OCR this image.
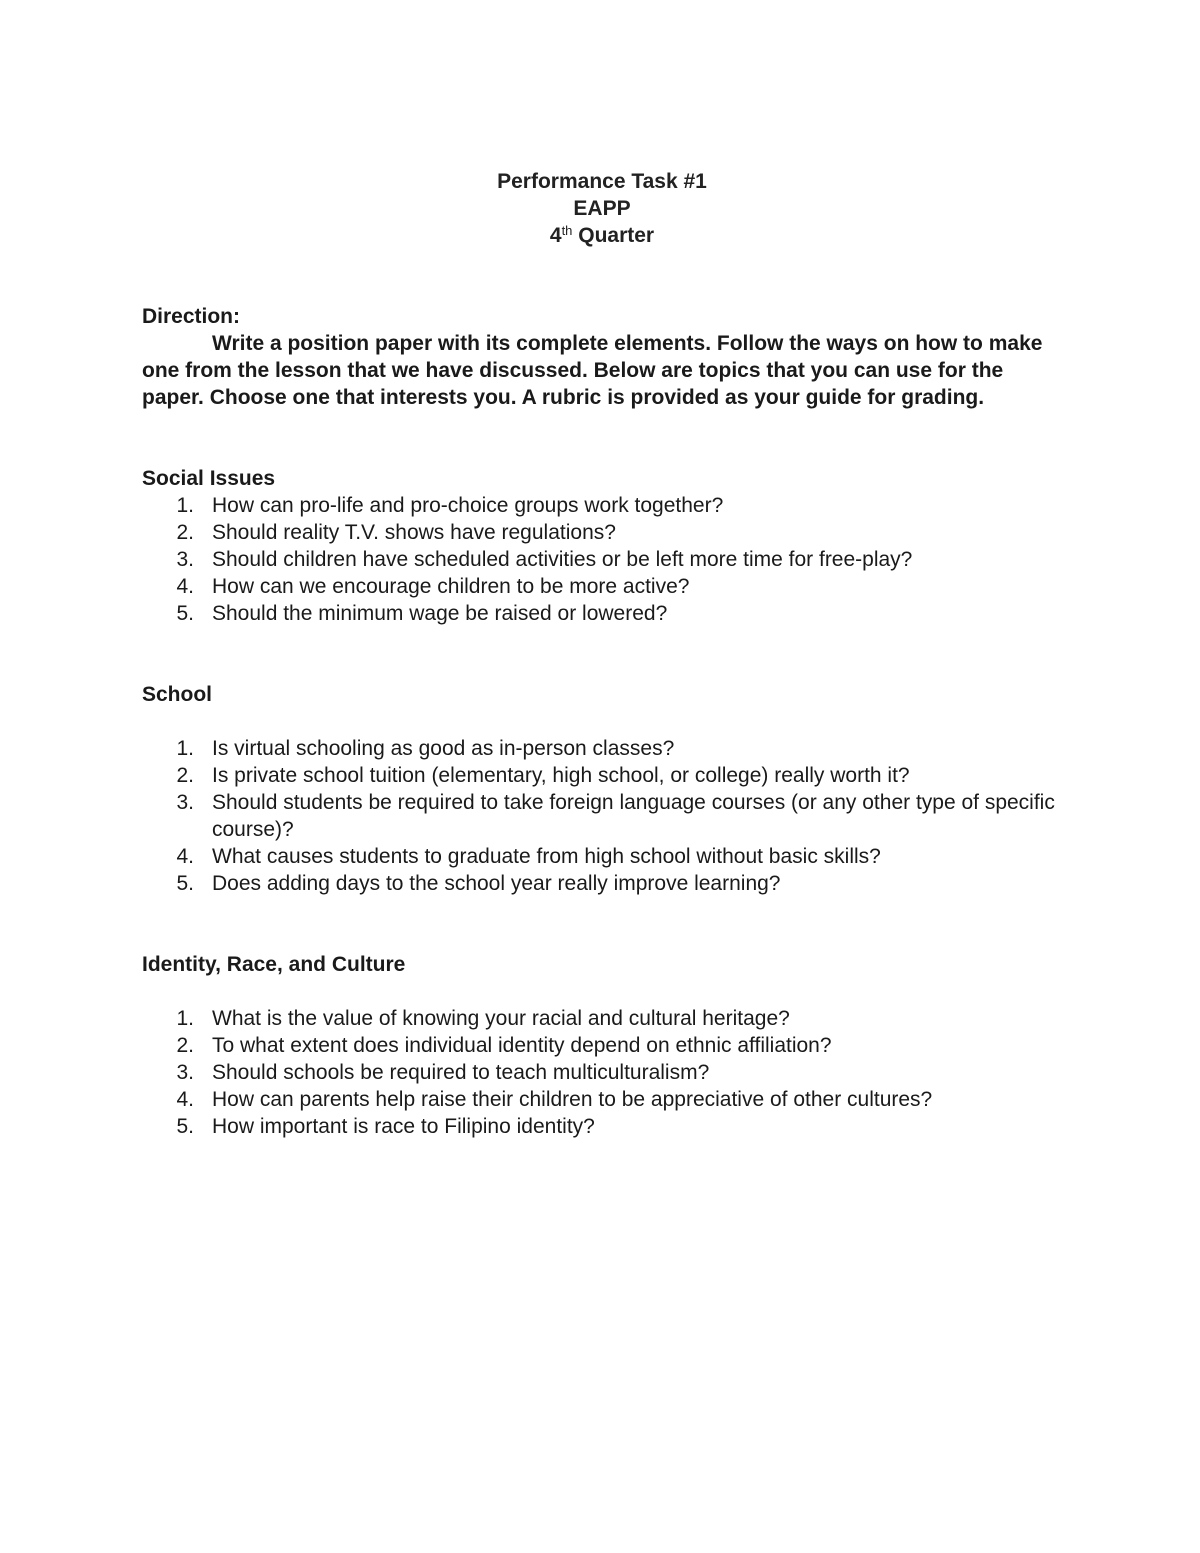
Performance Task #1
EAPP
4th Quarter
Direction:

Write a position paper with its complete elements. Follow the ways on how to make one from the lesson that we have discussed. Below are topics that you can use for the paper. Choose one that interests you. A rubric is provided as your guide for grading.

Social Issues
1. How can pro-life and pro-choice groups work together?
2. Should reality T.V. shows have regulations?
3. Should children have scheduled activities or be left more time for free-play?
4. How can we encourage children to be more active?
5. Should the minimum wage be raised or lowered?
School
1. Is virtual schooling as good as in-person classes?
2. Is private school tuition (elementary, high school, or college) really worth it?
3. Should students be required to take foreign language courses (or any other type of specific course)?
4. What causes students to graduate from high school without basic skills?
5. Does adding days to the school year really improve learning?
Identity, Race, and Culture
1. What is the value of knowing your racial and cultural heritage?
2. To what extent does individual identity depend on ethnic affiliation?
3. Should schools be required to teach multiculturalism?
4. How can parents help raise their children to be appreciative of other cultures?
5. How important is race to Filipino identity?
